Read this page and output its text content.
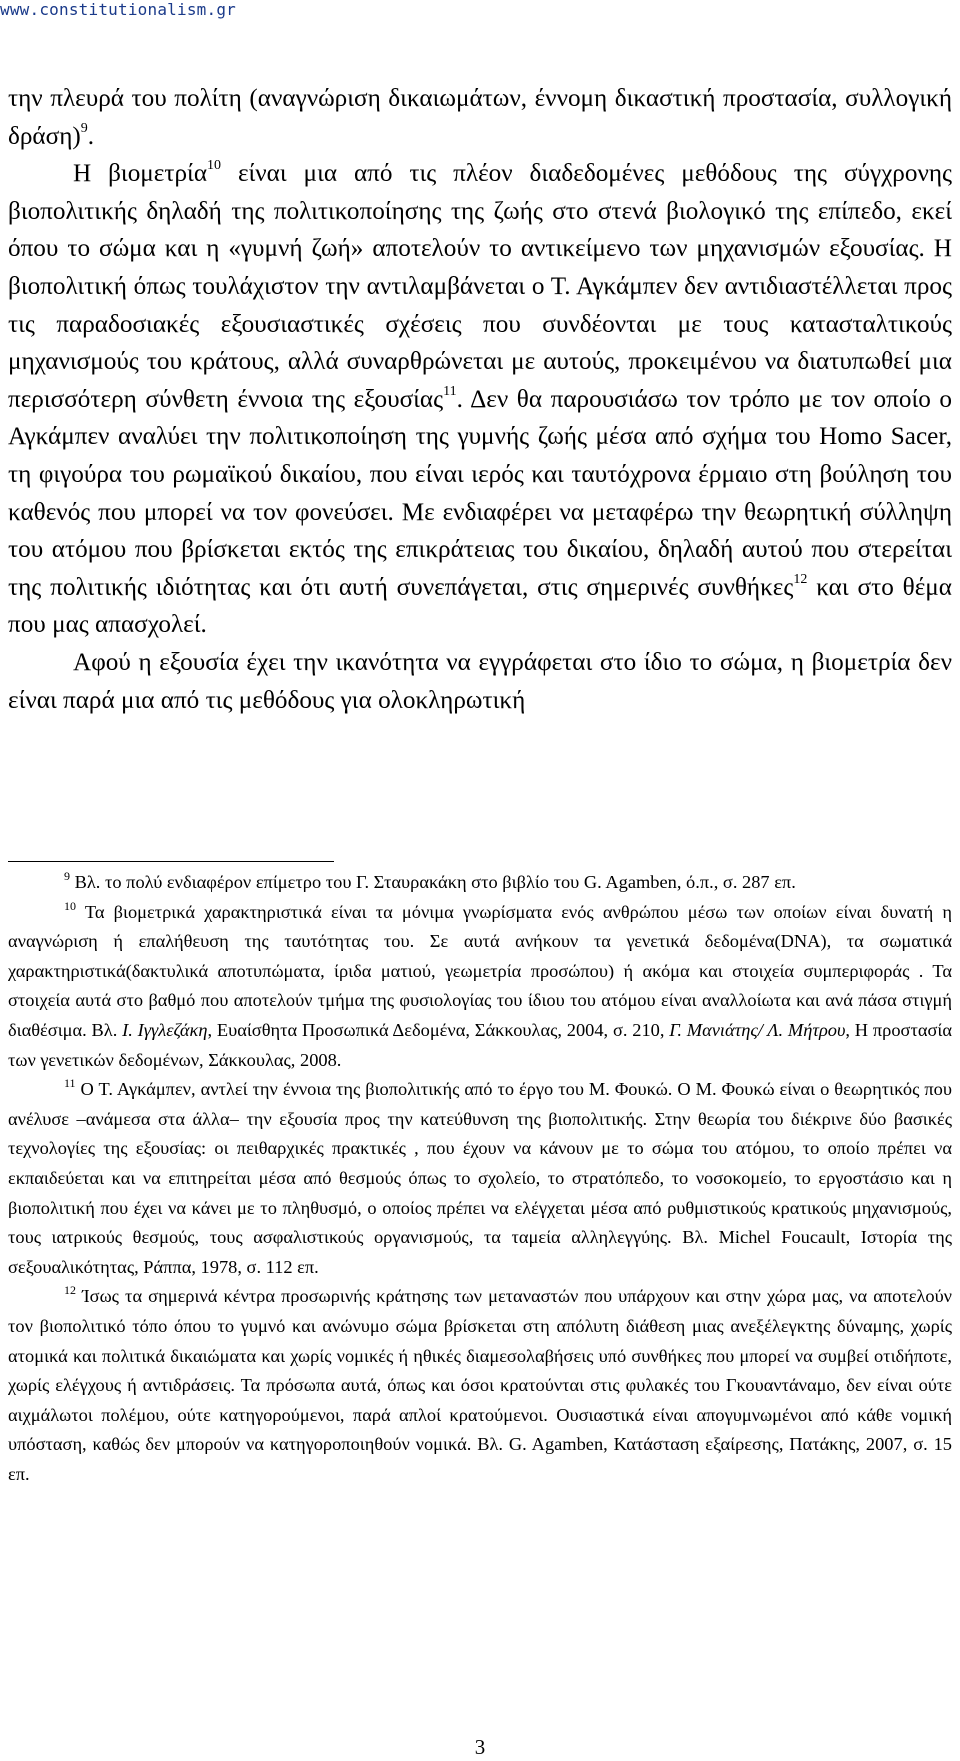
www.constitutionalism.gr

την πλευρά του πολίτη (αναγνώριση δικαιωμάτων, έννομη δικαστική προστασία, συλλογική δράση)$^9$.

Η βιομετρία$^{10}$ είναι μια από τις πλέον διαδεδομένες μεθόδους της σύγχρονης βιοπολιτικής δηλαδή της πολιτικοποίησης της ζωής στο στενά βιολογικό της επίπεδο, εκεί όπου το σώμα και η «γυμνή ζωή» αποτελούν το αντικείμενο των μηχανισμών εξουσίας. Η βιοπολιτική όπως τουλάχιστον την αντιλαμβάνεται ο Τ. Αγκάμπεν δεν αντιδιαστέλλεται προς τις παραδοσιακές εξουσιαστικές σχέσεις που συνδέονται με τους κατασταλτικούς μηχανισμούς του κράτους, αλλά συναρθρώνεται με αυτούς, προκειμένου να διατυπωθεί μια περισσότερη σύνθετη έννοια της εξουσίας$^{11}$. Δεν θα παρουσιάσω τον τρόπο με τον οποίο ο Αγκάμπεν αναλύει την πολιτικοποίηση της γυμνής ζωής μέσα από σχήμα του Homo Sacer, τη φιγούρα του ρωμαϊκού δικαίου, που είναι ιερός και ταυτόχρονα έρμαιο στη βούληση του καθενός που μπορεί να τον φονεύσει. Με ενδιαφέρει να μεταφέρω την θεωρητική σύλληψη του ατόμου που βρίσκεται εκτός της επικράτειας του δικαίου, δηλαδή αυτού που στερείται της πολιτικής ιδιότητας και ότι αυτή συνεπάγεται, στις σημερινές συνθήκες$^{12}$ και στο θέμα που μας απασχολεί.

Αφού η εξουσία έχει την ικανότητα να εγγράφεται στο ίδιο το σώμα, η βιομετρία δεν είναι παρά μια από τις μεθόδους για ολοκληρωτική

$^9$ Βλ. το πολύ ενδιαφέρον επίμετρο του Γ. Σταυρακάκη στο βιβλίο του G. Agamben, ό.π., σ. 287 επ.

$^{10}$ Τα βιομετρικά χαρακτηριστικά είναι τα μόνιμα γνωρίσματα ενός ανθρώπου μέσω των οποίων είναι δυνατή η αναγνώριση ή επαλήθευση της ταυτότητας του. Σε αυτά ανήκουν τα γενετικά δεδομένα(DNA), τα σωματικά χαρακτηριστικά(δακτυλικά αποτυπώματα, ίριδα ματιού, γεωμετρία προσώπου) ή ακόμα και στοιχεία συμπεριφοράς . Τα στοιχεία αυτά στο βαθμό που αποτελούν τμήμα της φυσιολογίας του ίδιου του ατόμου είναι αναλλοίωτα και ανά πάσα στιγμή διαθέσιμα. Βλ. Ι. Ιγγλεζάκη, Ευαίσθητα Προσωπικά Δεδομένα, Σάκκουλας, 2004, σ. 210, Γ. Μανιάτης/ Λ. Μήτρου, Η προστασία των γενετικών δεδομένων, Σάκκουλας, 2008.

$^{11}$ Ο Τ. Αγκάμπεν, αντλεί την έννοια της βιοπολιτικής από το έργο του Μ. Φουκώ. Ο Μ. Φουκώ είναι ο θεωρητικός που ανέλυσε –ανάμεσα στα άλλα– την εξουσία προς την κατεύθυνση της βιοπολιτικής. Στην θεωρία του διέκρινε δύο βασικές τεχνολογίες της εξουσίας: οι πειθαρχικές πρακτικές , που έχουν να κάνουν με το σώμα του ατόμου, το οποίο πρέπει να εκπαιδεύεται και να επιτηρείται μέσα από θεσμούς όπως το σχολείο, το στρατόπεδο, το νοσοκομείο, το εργοστάσιο και η βιοπολιτική που έχει να κάνει με το πληθυσμό, ο οποίος πρέπει να ελέγχεται μέσα από ρυθμιστικούς κρατικούς μηχανισμούς, τους ιατρικούς θεσμούς, τους ασφαλιστικούς οργανισμούς, τα ταμεία αλληλεγγύης. Βλ. Michel Foucault, Ιστορία της σεξουαλικότητας, Ράππα, 1978, σ. 112 επ.

$^{12}$ Ίσως τα σημερινά κέντρα προσωρινής κράτησης των μεταναστών που υπάρχουν και στην χώρα μας, να αποτελούν τον βιοπολιτικό τόπο όπου το γυμνό και ανώνυμο σώμα βρίσκεται στη απόλυτη διάθεση μιας ανεξέλεγκτης δύναμης, χωρίς ατομικά και πολιτικά δικαιώματα και χωρίς νομικές ή ηθικές διαμεσολαβήσεις υπό συνθήκες που μπορεί να συμβεί οτιδήποτε, χωρίς ελέγχους ή αντιδράσεις. Τα πρόσωπα αυτά, όπως και όσοι κρατούνται στις φυλακές του Γκουαντάναμο, δεν είναι ούτε αιχμάλωτοι πολέμου, ούτε κατηγορούμενοι, παρά απλοί κρατούμενοι. Ουσιαστικά είναι απογυμνωμένοι από κάθε νομική υπόσταση, καθώς δεν μπορούν να κατηγοροποιηθούν νομικά. Βλ. G. Agamben, Κατάσταση εξαίρεσης, Πατάκης, 2007, σ. 15 επ.

3
